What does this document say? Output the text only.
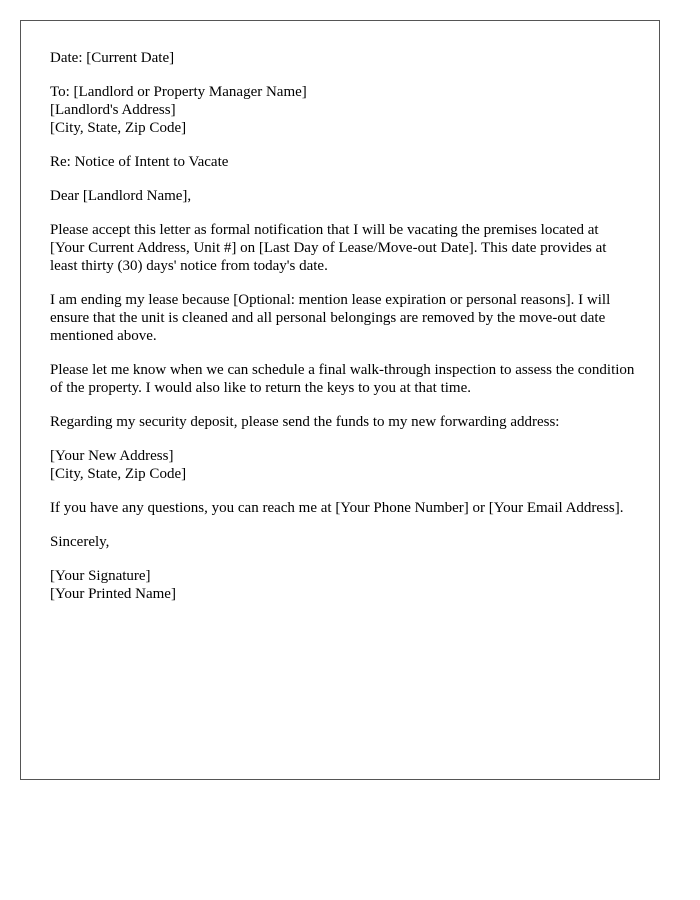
Date: [Current Date]
To: [Landlord or Property Manager Name]
[Landlord's Address]
[City, State, Zip Code]
Re: Notice of Intent to Vacate
Dear [Landlord Name],

Please accept this letter as formal notification that I will be vacating the premises located at [Your Current Address, Unit #] on [Last Day of Lease/Move-out Date]. This date provides at least thirty (30) days' notice from today's date.

I am ending my lease because [Optional: mention lease expiration or personal reasons]. I will ensure that the unit is cleaned and all personal belongings are removed by the move-out date mentioned above.

Please let me know when we can schedule a final walk-through inspection to assess the condition of the property. I would also like to return the keys to you at that time.

Regarding my security deposit, please send the funds to my new forwarding address:

[Your New Address]
[City, State, Zip Code]

If you have any questions, you can reach me at [Your Phone Number] or [Your Email Address].

Sincerely,
[Your Signature]
[Your Printed Name]
